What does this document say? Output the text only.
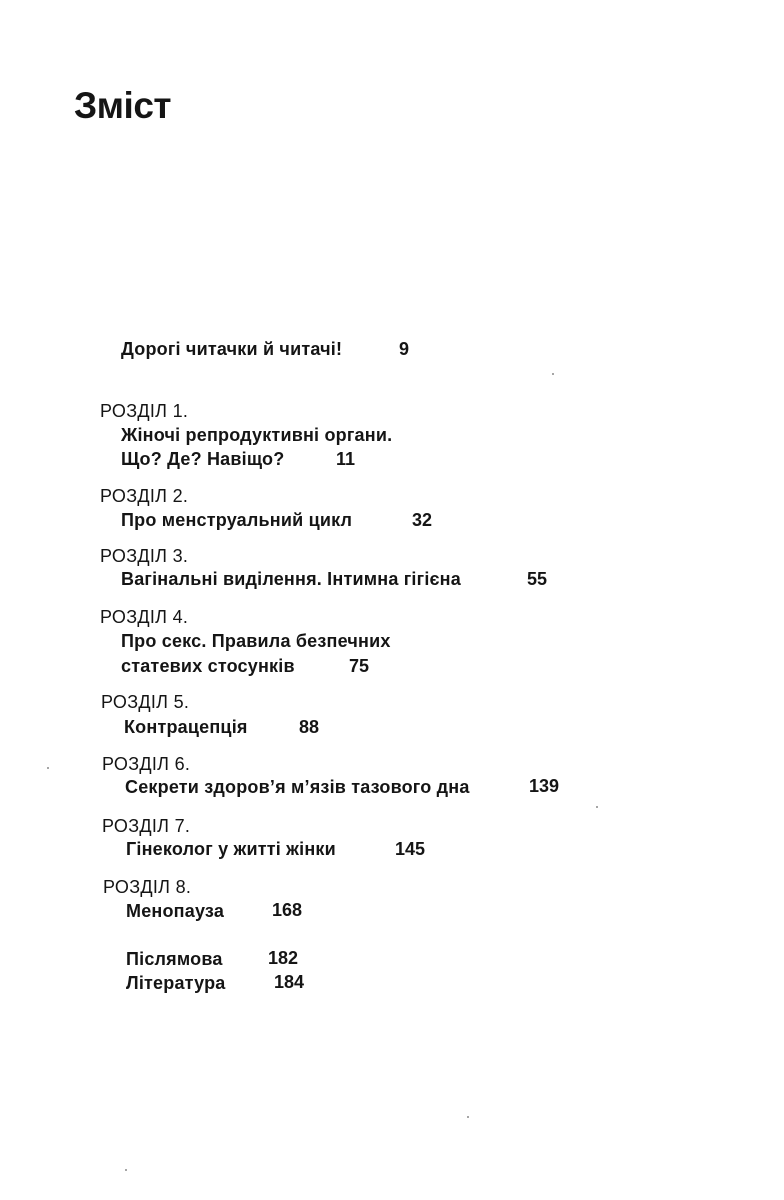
Зміст
Дорогі читачки й читачі!	9
РОЗДІЛ 1.
Жіночі репродуктивні органи.
Що? Де? Навіщо?	11
РОЗДІЛ 2.
Про менструальний цикл	32
РОЗДІЛ 3.
Вагінальні виділення. Інтимна гігієна	55
РОЗДІЛ 4.
Про секс. Правила безпечних
статевих стосунків	75
РОЗДІЛ 5.
Контрацепція	88
РОЗДІЛ 6.
Секрети здоров’я м’язів тазового дна	139
РОЗДІЛ 7.
Гінеколог у житті жінки	145
РОЗДІЛ 8.
Менопауза	168
Післямова	182
Література	184
